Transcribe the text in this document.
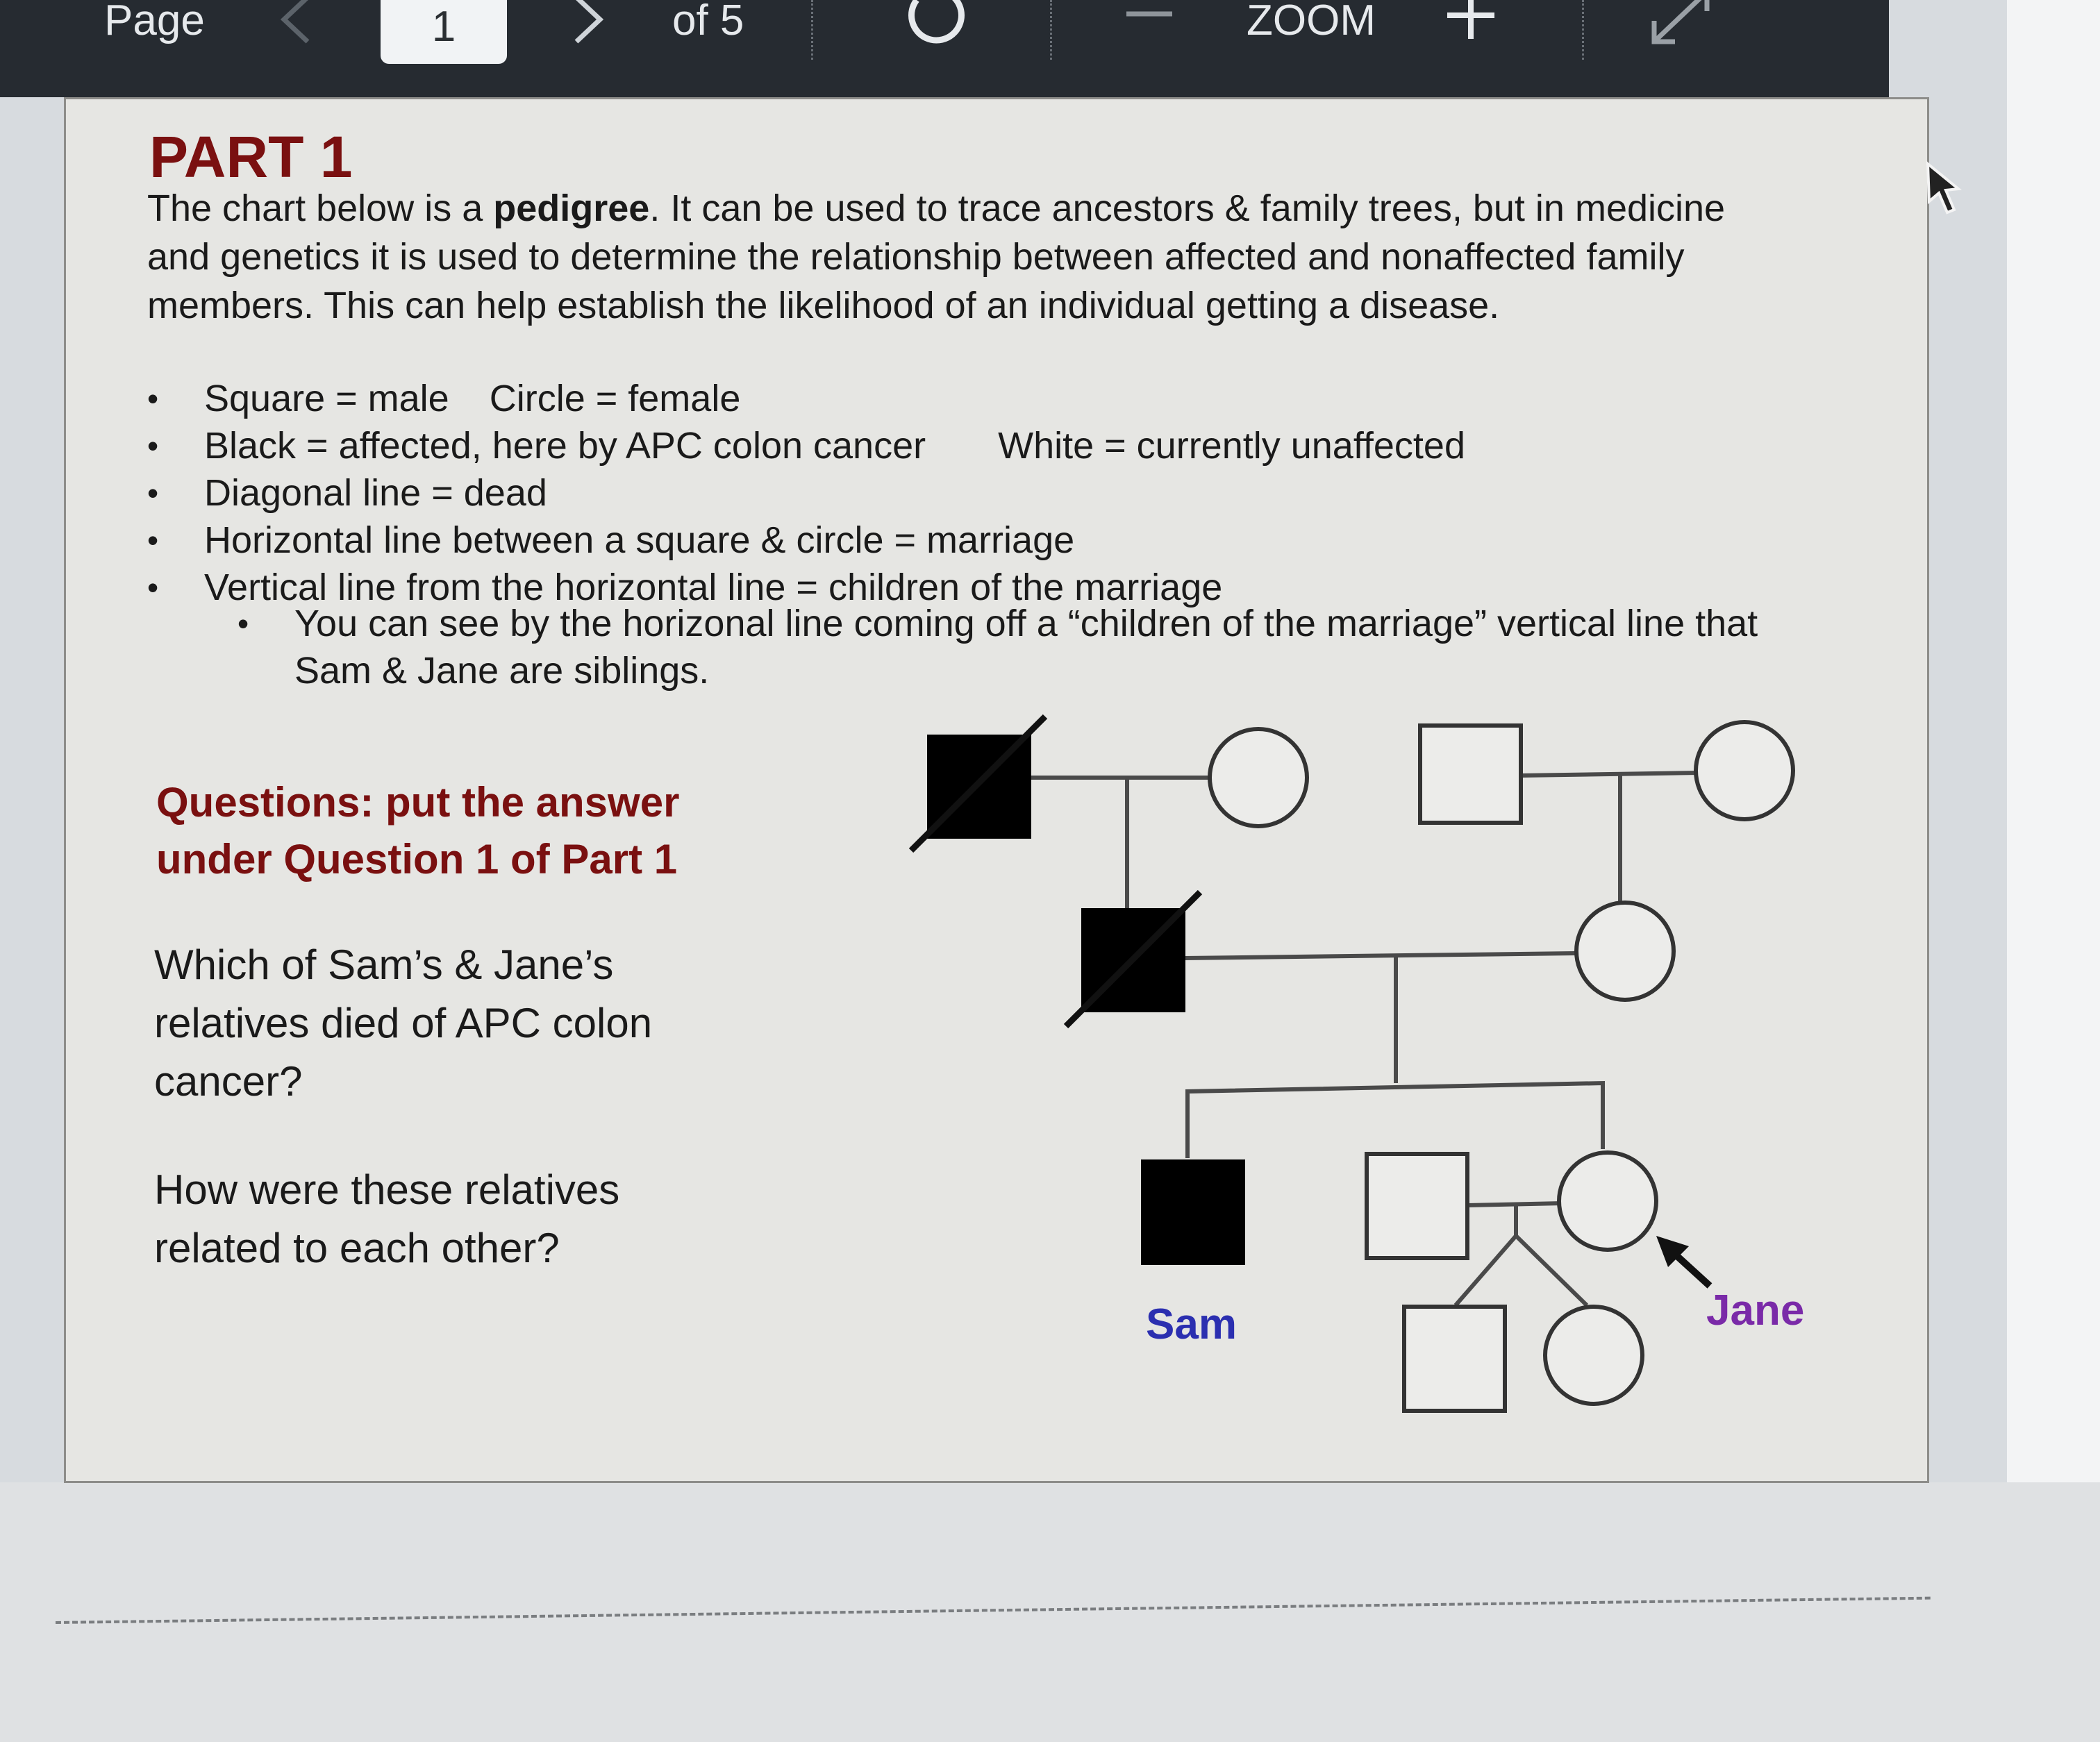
Page	1	of 5	ZOOM
PART 1

The chart below is a pedigree. It can be used to trace ancestors & family trees, but in medicine and genetics it is used to determine the relationship between affected and nonaffected family members. This can help establish the likelihood of an individual getting a disease.

• Square = male Circle = female
• Black = affected, here by APC colon cancer White = currently unaffected
• Diagonal line = dead
• Horizontal line between a square & circle = marriage
• Vertical line from the horizontal line = children of the marriage
• You can see by the horizonal line coming off a “children of the marriage” vertical line that Sam & Jane are siblings.

Questions: put the answer under Question 1 of Part 1

Which of Sam’s & Jane’s relatives died of APC colon cancer?

How were these relatives related to each other?

Sam	Jane
